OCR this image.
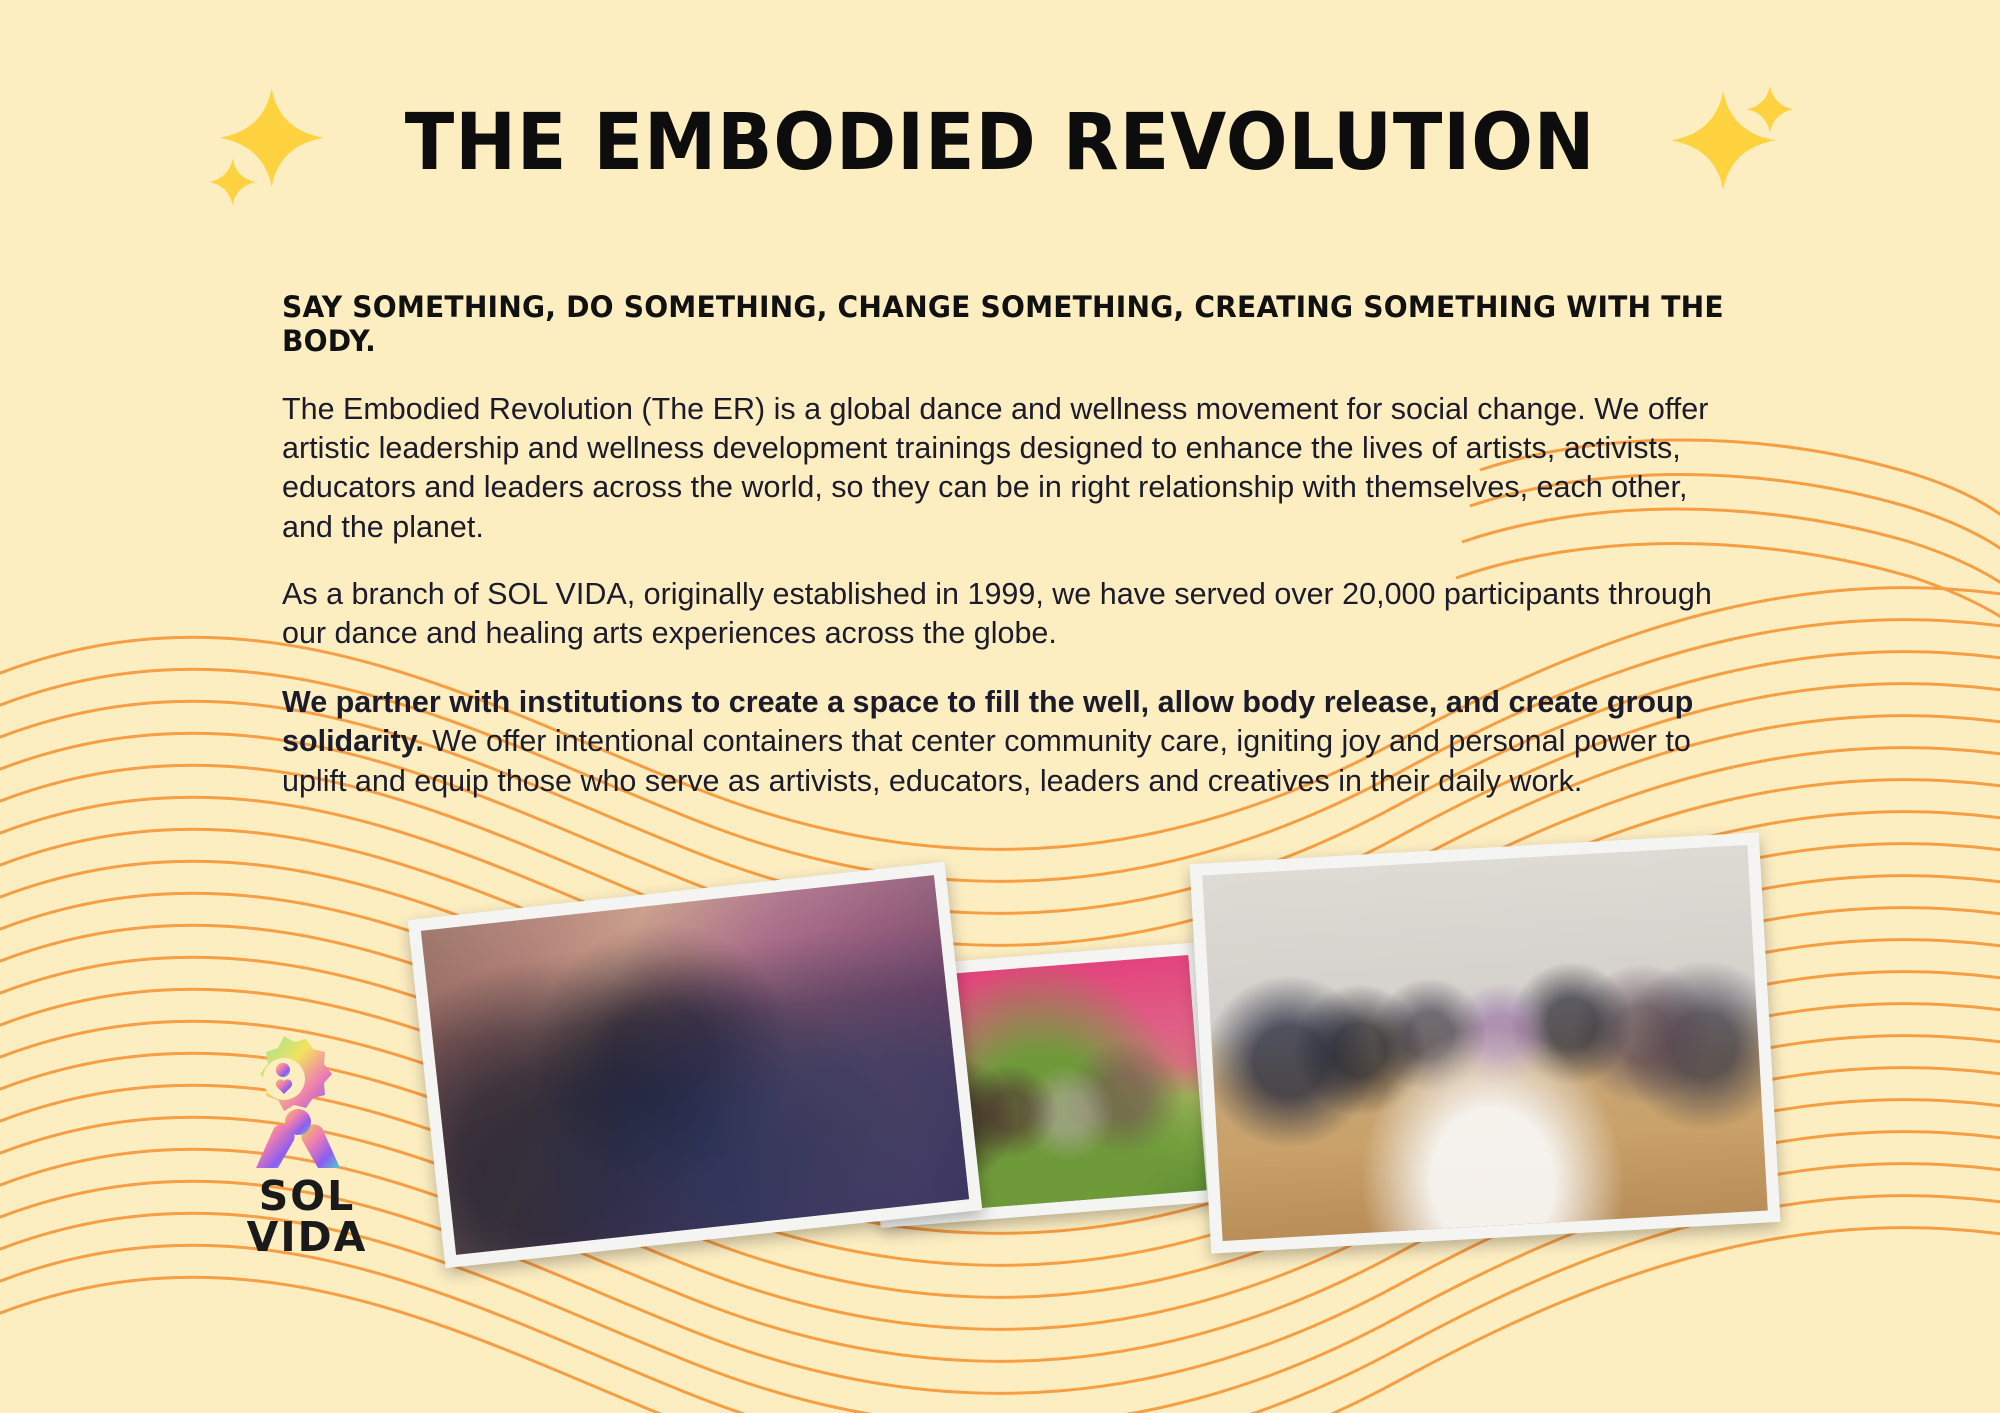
THE EMBODIED REVOLUTION
SAY SOMETHING, DO SOMETHING, CHANGE SOMETHING, CREATING SOMETHING WITH THE BODY.

The Embodied Revolution (The ER) is a global dance and wellness movement for social change. We offer artistic leadership and wellness development trainings designed to enhance the lives of artists, activists, educators and leaders across the world, so they can be in right relationship with themselves, each other, and the planet.

As a branch of SOL VIDA, originally established in 1999, we have served over 20,000 participants through our dance and healing arts experiences across the globe.

We partner with institutions to create a space to fill the well, allow body release, and create group solidarity. We offer intentional containers that center community care, igniting joy and personal power to uplift and equip those who serve as artivists, educators, leaders and creatives in their daily work.

SOL
VIDA
